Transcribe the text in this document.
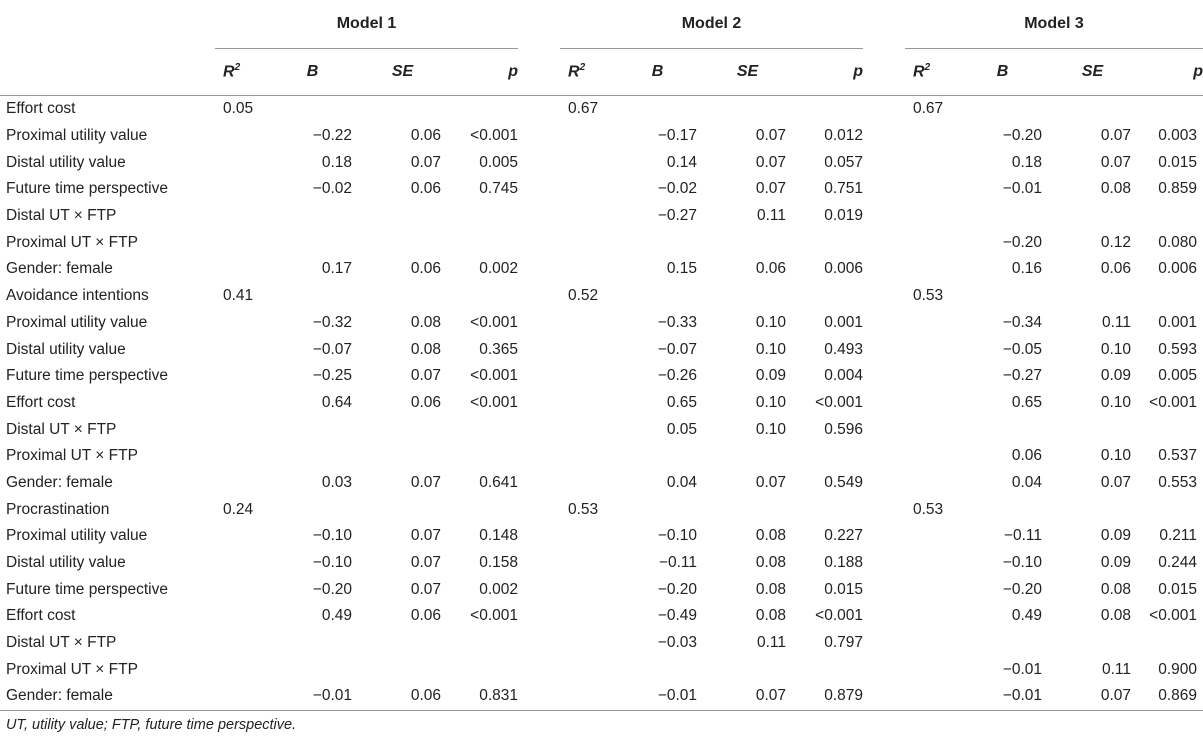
	Model 1					Model 2					Model 3			
	$R^2$	B	SE	p		$R^2$	B	SE	p		$R^2$	B	SE	p
Effort cost	0.05					0.67					0.67			
Proximal utility value		−0.22	0.06	<0.001			−0.17	0.07	0.012			−0.20	0.07	0.003
Distal utility value		0.18	0.07	0.005			0.14	0.07	0.057			0.18	0.07	0.015
Future time perspective		−0.02	0.06	0.745			−0.02	0.07	0.751			−0.01	0.08	0.859
Distal UT × FTP							−0.27	0.11	0.019					
Proximal UT × FTP												−0.20	0.12	0.080
Gender: female		0.17	0.06	0.002			0.15	0.06	0.006			0.16	0.06	0.006
Avoidance intentions	0.41					0.52					0.53			
Proximal utility value		−0.32	0.08	<0.001			−0.33	0.10	0.001			−0.34	0.11	0.001
Distal utility value		−0.07	0.08	0.365			−0.07	0.10	0.493			−0.05	0.10	0.593
Future time perspective		−0.25	0.07	<0.001			−0.26	0.09	0.004			−0.27	0.09	0.005
Effort cost		0.64	0.06	<0.001			0.65	0.10	<0.001			0.65	0.10	<0.001
Distal UT × FTP							0.05	0.10	0.596					
Proximal UT × FTP												0.06	0.10	0.537
Gender: female		0.03	0.07	0.641			0.04	0.07	0.549			0.04	0.07	0.553
Procrastination	0.24					0.53					0.53			
Proximal utility value		−0.10	0.07	0.148			−0.10	0.08	0.227			−0.11	0.09	0.211
Distal utility value		−0.10	0.07	0.158			−0.11	0.08	0.188			−0.10	0.09	0.244
Future time perspective		−0.20	0.07	0.002			−0.20	0.08	0.015			−0.20	0.08	0.015
Effort cost		0.49	0.06	<0.001			−0.49	0.08	<0.001			0.49	0.08	<0.001
Distal UT × FTP							−0.03	0.11	0.797					
Proximal UT × FTP												−0.01	0.11	0.900
Gender: female		−0.01	0.06	0.831			−0.01	0.07	0.879			−0.01	0.07	0.869
UT, utility value; FTP, future time perspective.
